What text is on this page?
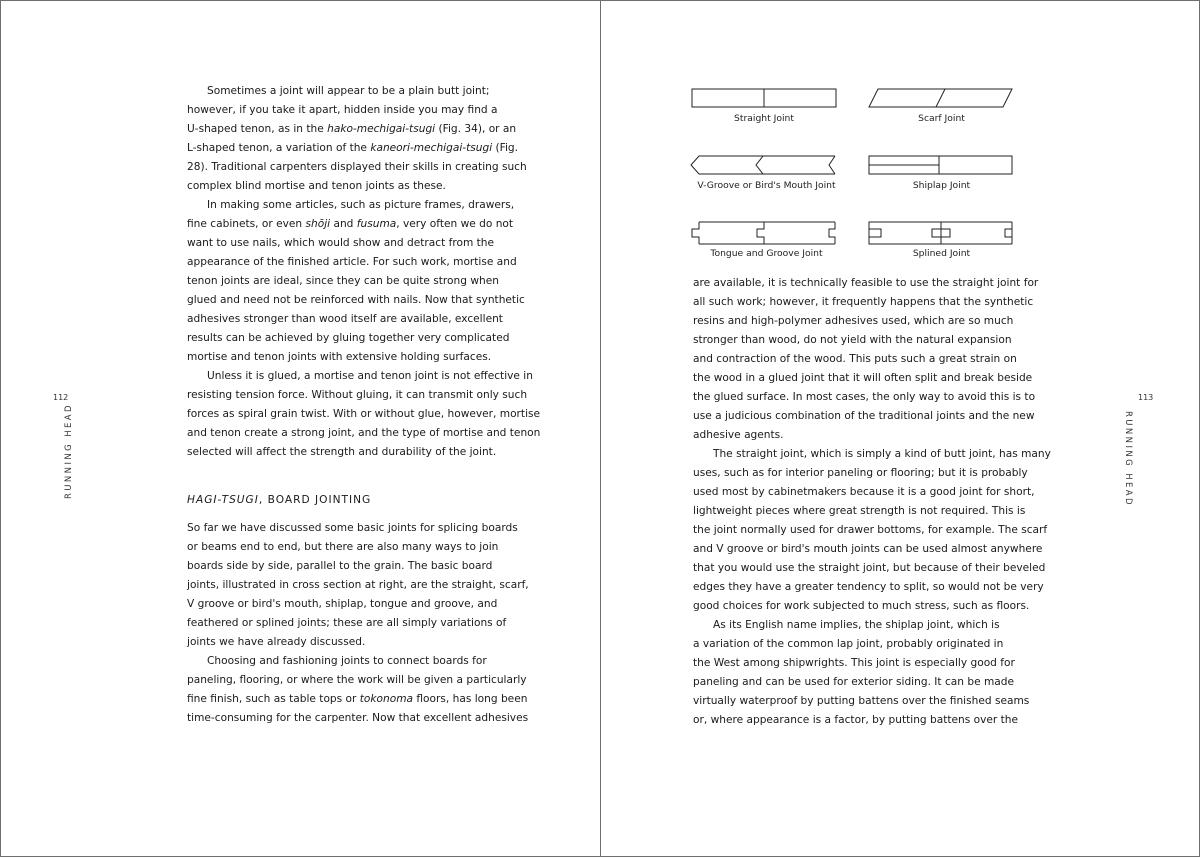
112
RUNNING HEAD
Sometimes a joint will appear to be a plain butt joint;
however, if you take it apart, hidden inside you may find a
U-shaped tenon, as in the hako-mechigai-tsugi (Fig. 34), or an
L-shaped tenon, a variation of the kaneori-mechigai-tsugi (Fig.
28). Traditional carpenters displayed their skills in creating such
complex blind mortise and tenon joints as these.
In making some articles, such as picture frames, drawers,
fine cabinets, or even shōji and fusuma, very often we do not
want to use nails, which would show and detract from the
appearance of the finished article. For such work, mortise and
tenon joints are ideal, since they can be quite strong when
glued and need not be reinforced with nails. Now that synthetic
adhesives stronger than wood itself are available, excellent
results can be achieved by gluing together very complicated
mortise and tenon joints with extensive holding surfaces.
Unless it is glued, a mortise and tenon joint is not effective in
resisting tension force. Without gluing, it can transmit only such
forces as spiral grain twist. With or without glue, however, mortise
and tenon create a strong joint, and the type of mortise and tenon
selected will affect the strength and durability of the joint.
HAGI-TSUGI, BOARD JOINTING
So far we have discussed some basic joints for splicing boards
or beams end to end, but there are also many ways to join
boards side by side, parallel to the grain. The basic board
joints, illustrated in cross section at right, are the straight, scarf,
V groove or bird's mouth, shiplap, tongue and groove, and
feathered or splined joints; these are all simply variations of
joints we have already discussed.
Choosing and fashioning joints to connect boards for
paneling, flooring, or where the work will be given a particularly
fine finish, such as table tops or tokonoma floors, has long been
time-consuming for the carpenter. Now that excellent adhesives
113
RUNNING HEAD
Straight Joint	Scarf Joint
V-Groove or Bird's Mouth Joint	Shiplap Joint
Tongue and Groove Joint	Splined Joint
are available, it is technically feasible to use the straight joint for
all such work; however, it frequently happens that the synthetic
resins and high-polymer adhesives used, which are so much
stronger than wood, do not yield with the natural expansion
and contraction of the wood. This puts such a great strain on
the wood in a glued joint that it will often split and break beside
the glued surface. In most cases, the only way to avoid this is to
use a judicious combination of the traditional joints and the new
adhesive agents.
The straight joint, which is simply a kind of butt joint, has many
uses, such as for interior paneling or flooring; but it is probably
used most by cabinetmakers because it is a good joint for short,
lightweight pieces where great strength is not required. This is
the joint normally used for drawer bottoms, for example. The scarf
and V groove or bird's mouth joints can be used almost anywhere
that you would use the straight joint, but because of their beveled
edges they have a greater tendency to split, so would not be very
good choices for work subjected to much stress, such as floors.
As its English name implies, the shiplap joint, which is
a variation of the common lap joint, probably originated in
the West among shipwrights. This joint is especially good for
paneling and can be used for exterior siding. It can be made
virtually waterproof by putting battens over the finished seams
or, where appearance is a factor, by putting battens over the
